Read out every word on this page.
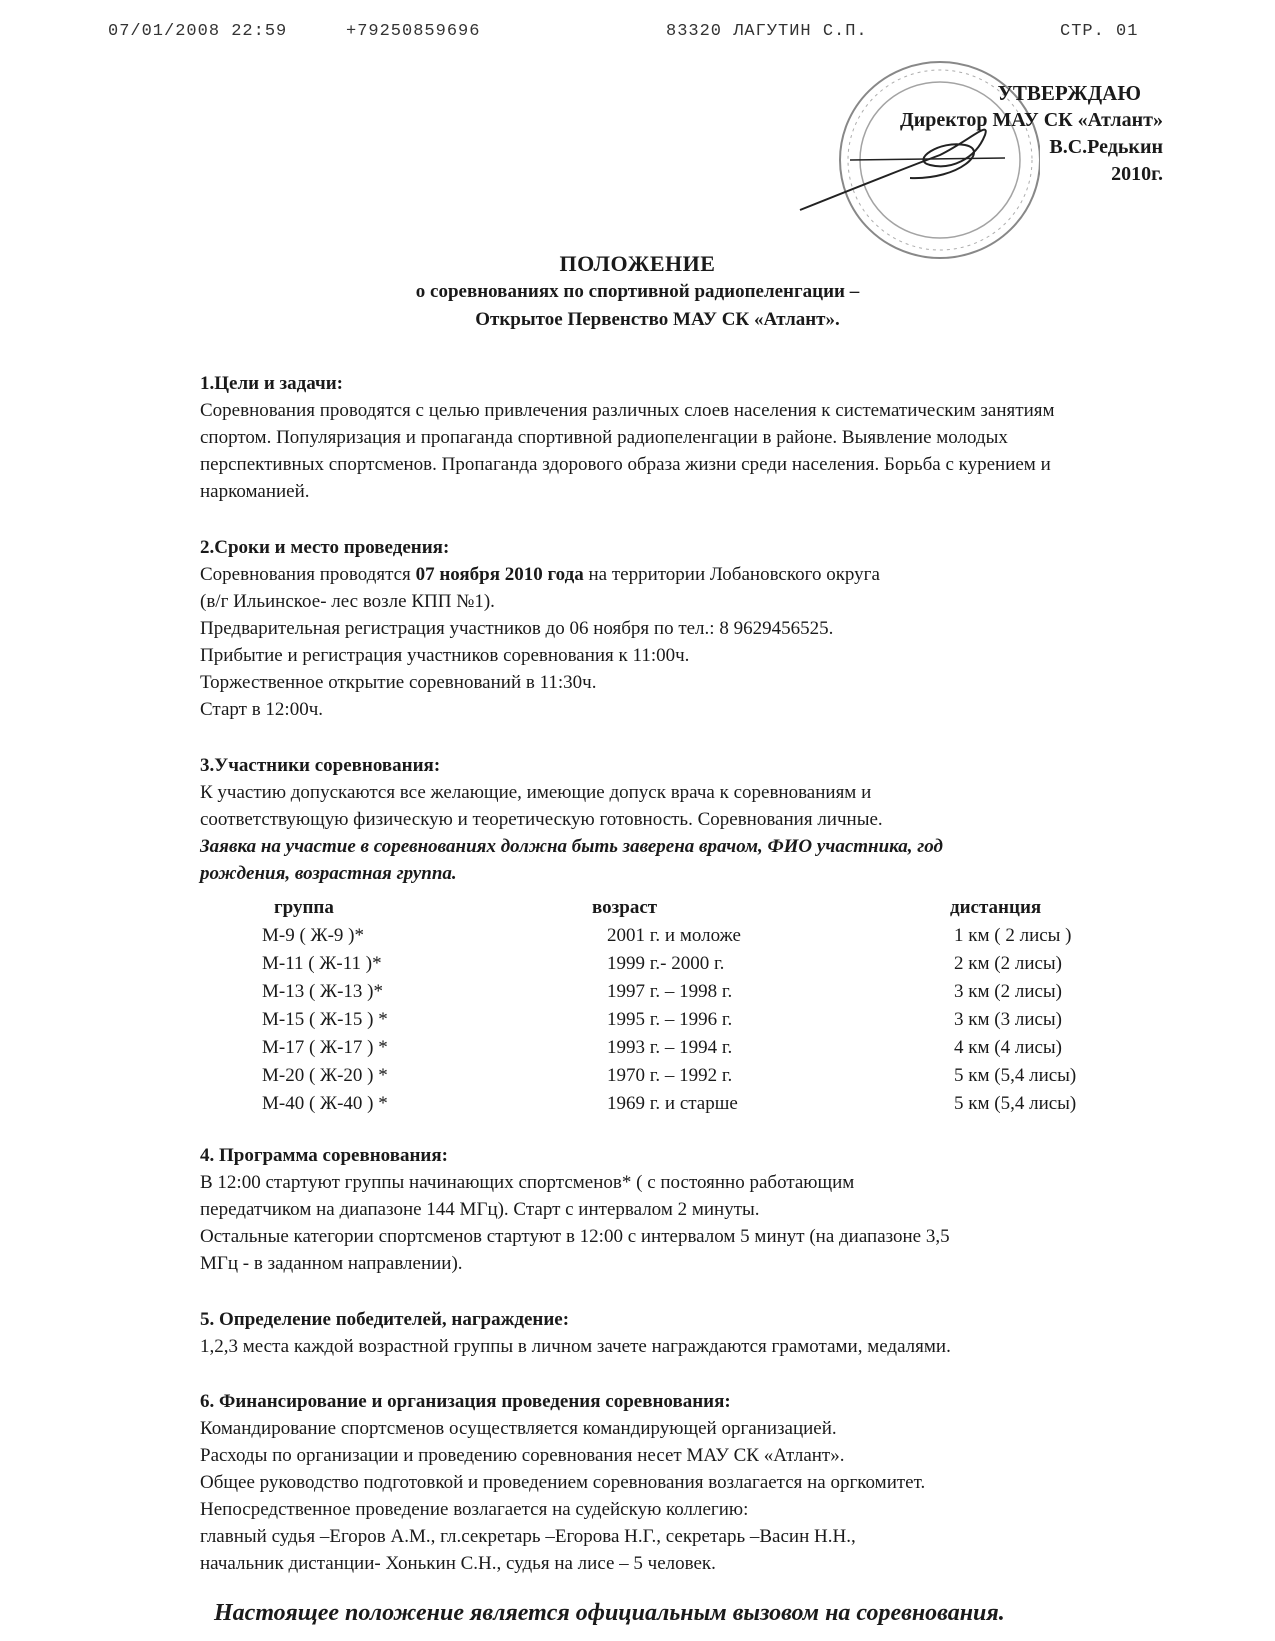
07/01/2008 22:59	+79250859696	83320 ЛАГУТИН С.П.	СТР. 01
УТВЕРЖДАЮ
Директор МАУ СК «Атлант»
В.С.Редькин
2010г.
ПОЛОЖЕНИЕ
о соревнованиях по спортивной радиопеленгации –
Открытое Первенство МАУ СК «Атлант».
1.Цели и задачи:

Соревнования проводятся с целью привлечения различных слоев населения к систематическим занятиям спортом. Популяризация и пропаганда спортивной радиопеленгации в районе. Выявление молодых перспективных спортсменов. Пропаганда здорового образа жизни среди населения. Борьба с курением и наркоманией.

2.Сроки и место проведения:

Соревнования проводятся 07 ноября 2010 года на территории Лобановского округа

(в/г Ильинское- лес возле КПП №1).

Предварительная регистрация участников до 06 ноября по тел.: 8 9629456525.

Прибытие и регистрация участников соревнования к 11:00ч.

Торжественное открытие соревнований в 11:30ч.

Старт в 12:00ч.

3.Участники соревнования:

К участию допускаются все желающие, имеющие допуск врача к соревнованиям и

соответствующую физическую и теоретическую готовность. Соревнования личные.

Заявка на участие в соревнованиях должна быть заверена врачом, ФИО участника, год

рождения, возрастная группа.

группа	возраст	дистанция
М-9 ( Ж-9 )*	2001 г. и моложе	1 км ( 2 лисы )
М-11 ( Ж-11 )*	1999 г.- 2000 г.	2 км (2 лисы)
М-13 ( Ж-13 )*	1997 г. – 1998 г.	3 км (2 лисы)
М-15 ( Ж-15 ) *	1995 г. – 1996 г.	3 км (3 лисы)
М-17 ( Ж-17 ) *	1993 г. – 1994 г.	4 км (4 лисы)
М-20 ( Ж-20 ) *	1970 г. – 1992 г.	5 км (5,4 лисы)
М-40 ( Ж-40 ) *	1969 г. и старше	5 км (5,4 лисы)
4. Программа соревнования:

В 12:00 стартуют группы начинающих спортсменов* ( с постоянно работающим

передатчиком на диапазоне 144 МГц). Старт с интервалом 2 минуты.

Остальные категории спортсменов стартуют в 12:00 с интервалом 5 минут (на диапазоне 3,5

МГц - в заданном направлении).

5. Определение победителей, награждение:

1,2,3 места каждой возрастной группы в личном зачете награждаются грамотами, медалями.

6. Финансирование и организация проведения соревнования:

Командирование спортсменов осуществляется командирующей организацией.

Расходы по организации и проведению соревнования несет МАУ СК «Атлант».

Общее руководство подготовкой и проведением соревнования возлагается на оргкомитет.

Непосредственное проведение возлагается на судейскую коллегию:

главный судья –Егоров А.М., гл.секретарь –Егорова Н.Г., секретарь –Васин Н.Н.,

начальник дистанции- Хонькин С.Н., судья на лисе – 5 человек.

Настоящее положение является официальным вызовом на соревнования.
